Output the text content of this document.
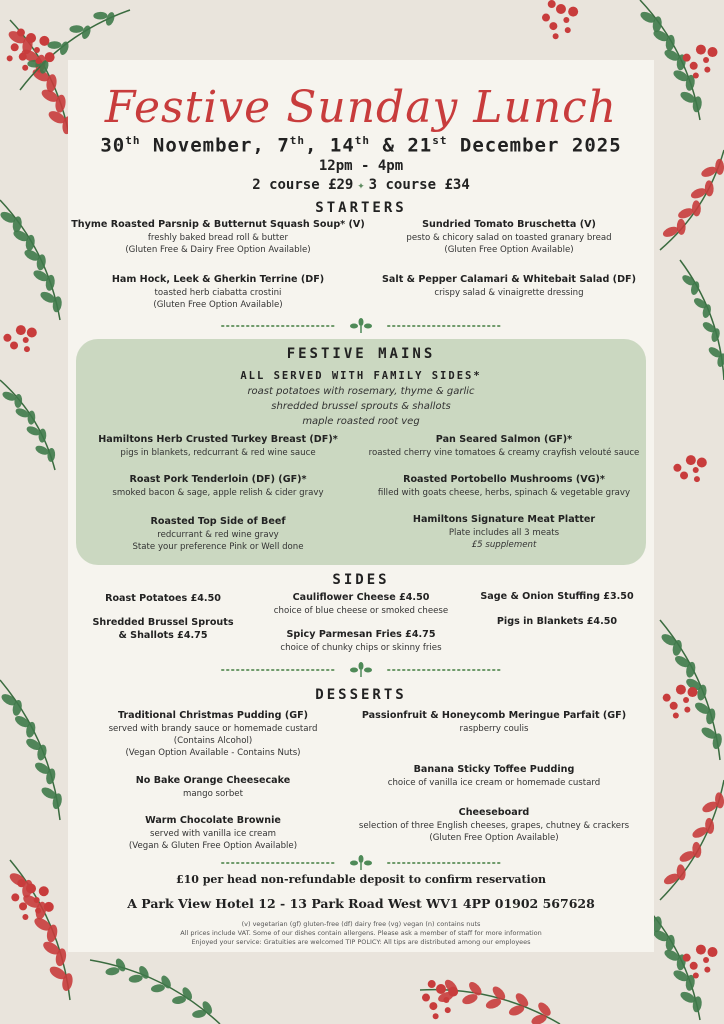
Festive Sunday Lunch
30th November, 7th, 14th & 21st December 2025
12pm - 4pm
2 course £29 ✦ 3 course £34
STARTERS
Thyme Roasted Parsnip & Butternut Squash Soup* (V)
freshly baked bread roll & butter
(Gluten Free & Dairy Free Option Available)
Sundried Tomato Bruschetta (V)
pesto & chicory salad on toasted granary bread
(Gluten Free Option Available)
Ham Hock, Leek & Gherkin Terrine (DF)
toasted herb ciabatta crostini
(Gluten Free Option Available)
Salt & Pepper Calamari & Whitebait Salad (DF)
crispy salad & vinaigrette dressing
FESTIVE MAINS
ALL SERVED WITH FAMILY SIDES*
roast potatoes with rosemary, thyme & garlic
shredded brussel sprouts & shallots
maple roasted root veg
Hamiltons Herb Crusted Turkey Breast (DF)*
pigs in blankets, redcurrant & red wine sauce
Pan Seared Salmon (GF)*
roasted cherry vine tomatoes & creamy crayfish velouté sauce
Roast Pork Tenderloin (DF) (GF)*
smoked bacon & sage, apple relish & cider gravy
Roasted Portobello Mushrooms (VG)*
filled with goats cheese, herbs, spinach & vegetable gravy
Roasted Top Side of Beef
redcurrant & red wine gravy
State your preference Pink or Well done
Hamiltons Signature Meat Platter
Plate includes all 3 meats
£5 supplement
SIDES
Roast Potatoes £4.50	Cauliflower Cheese £4.50
choice of blue cheese or smoked cheese
Sage & Onion Stuffing £3.50
Shredded Brussel Sprouts
& Shallots £4.75	Spicy Parmesan Fries £4.75
choice of chunky chips or skinny fries
Pigs in Blankets £4.50
DESSERTS
Traditional Christmas Pudding (GF)
served with brandy sauce or homemade custard
(Contains Alcohol)
(Vegan Option Available - Contains Nuts)
Passionfruit & Honeycomb Meringue Parfait (GF)
raspberry coulis
No Bake Orange Cheesecake
mango sorbet
Banana Sticky Toffee Pudding
choice of vanilla ice cream or homemade custard
Warm Chocolate Brownie
served with vanilla ice cream
(Vegan & Gluten Free Option Available)
Cheeseboard
selection of three English cheeses, grapes, chutney & crackers
(Gluten Free Option Available)
£10 per head non-refundable deposit to confirm reservation
A Park View Hotel 12 - 13 Park Road West WV1 4PP 01902 567628
(v) vegetarian (gf) gluten-free (df) dairy free (vg) vegan (n) contains nuts
All prices include VAT. Some of our dishes contain allergens. Please ask a member of staff for more information
Enjoyed your service: Gratuities are welcomed TIP POLICY: All tips are distributed among our employees
